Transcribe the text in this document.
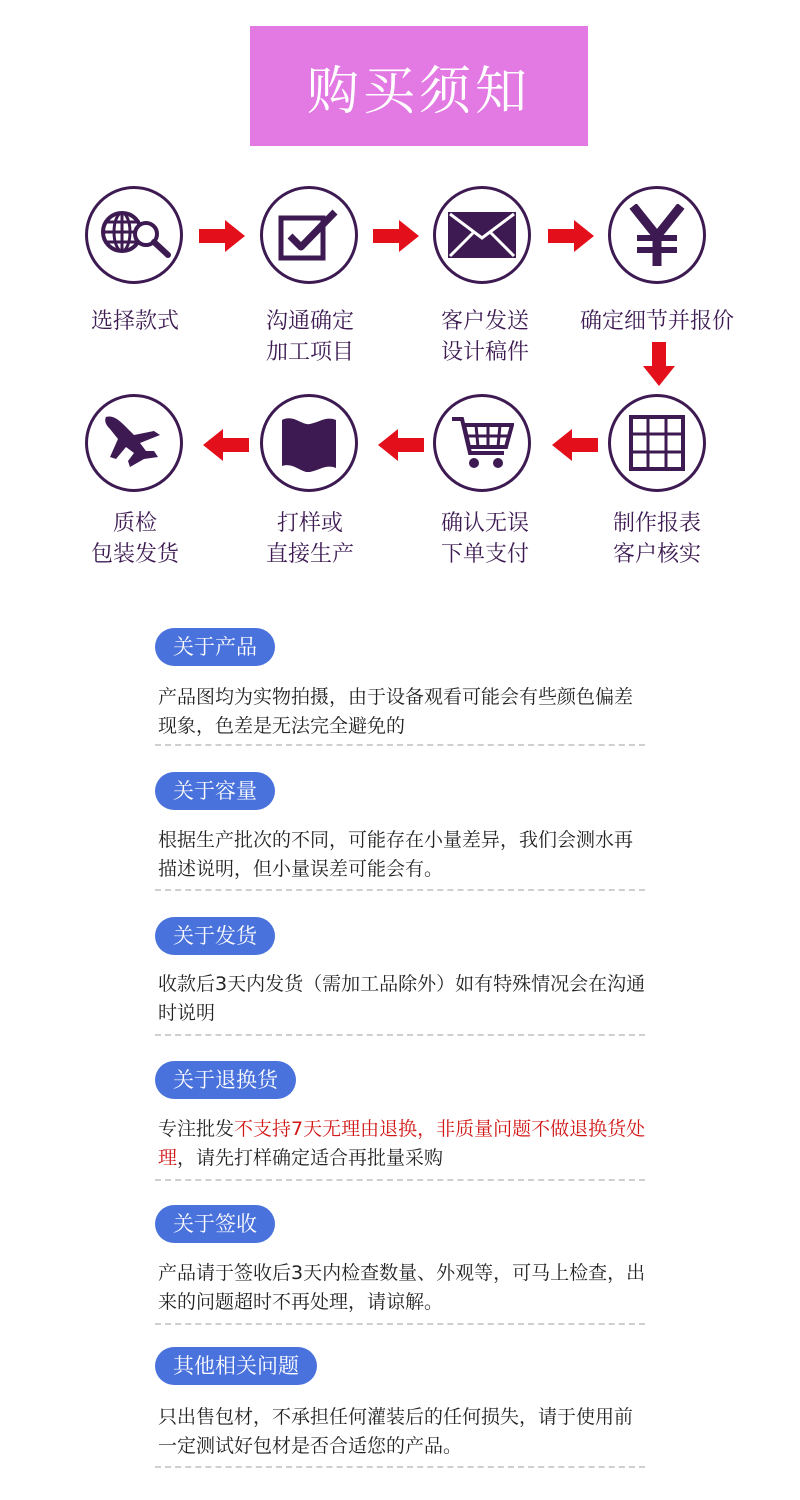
购买须知
选择款式	沟通确定
加工项目
客户发送
设计稿件
确定细节并报价
质检
包装发货
打样或
直接生产
确认无误
下单支付
制作报表
客户核实
关于产品
产品图均为实物拍摄，由于设备观看可能会有些颜色偏差现象，色差是无法完全避免的
关于容量
根据生产批次的不同，可能存在小量差异，我们会测水再描述说明，但小量误差可能会有。
关于发货
收款后3天内发货（需加工品除外）如有特殊情况会在沟通时说明
关于退换货
专注批发不支持7天无理由退换，非质量问题不做退换货处理，请先打样确定适合再批量采购
关于签收
产品请于签收后3天内检查数量、外观等，可马上检查，出来的问题超时不再处理，请谅解。
其他相关问题
只出售包材，不承担任何灌装后的任何损失，请于使用前一定测试好包材是否合适您的产品。
